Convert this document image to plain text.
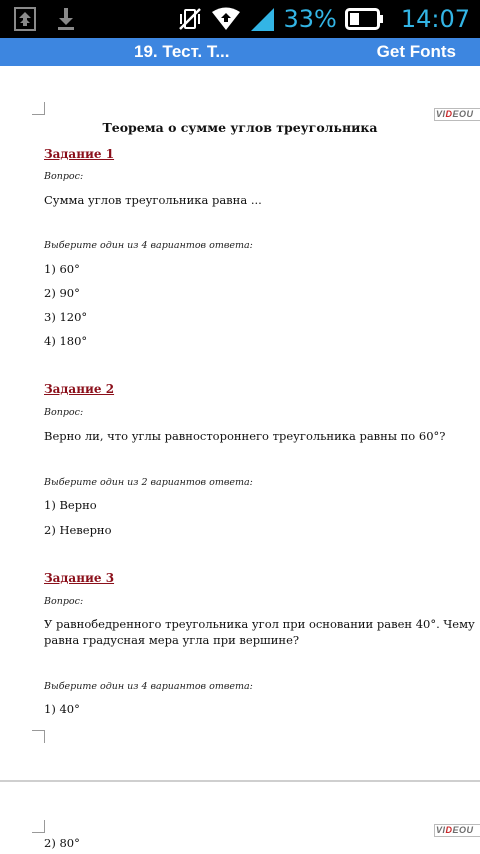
33%	14:07
19. Тест. Т...	Get Fonts
VIDEOU

Теорема о сумме углов треугольника

Задание 1

Вопрос:

Сумма углов треугольника равна ...

Выберите один из 4 вариантов ответа:

1) 60°

2) 90°

3) 120°

4) 180°

Задание 2

Вопрос:

Верно ли, что углы равностороннего треугольника равны по 60°?

Выберите один из 2 вариантов ответа:

1) Верно

2) Неверно

Задание 3

Вопрос:

У равнобедренного треугольника угол при основании равен 40°. Чему равна градусная мера угла при вершине?

Выберите один из 4 вариантов ответа:

1) 40°

VIDEOU

2) 80°
